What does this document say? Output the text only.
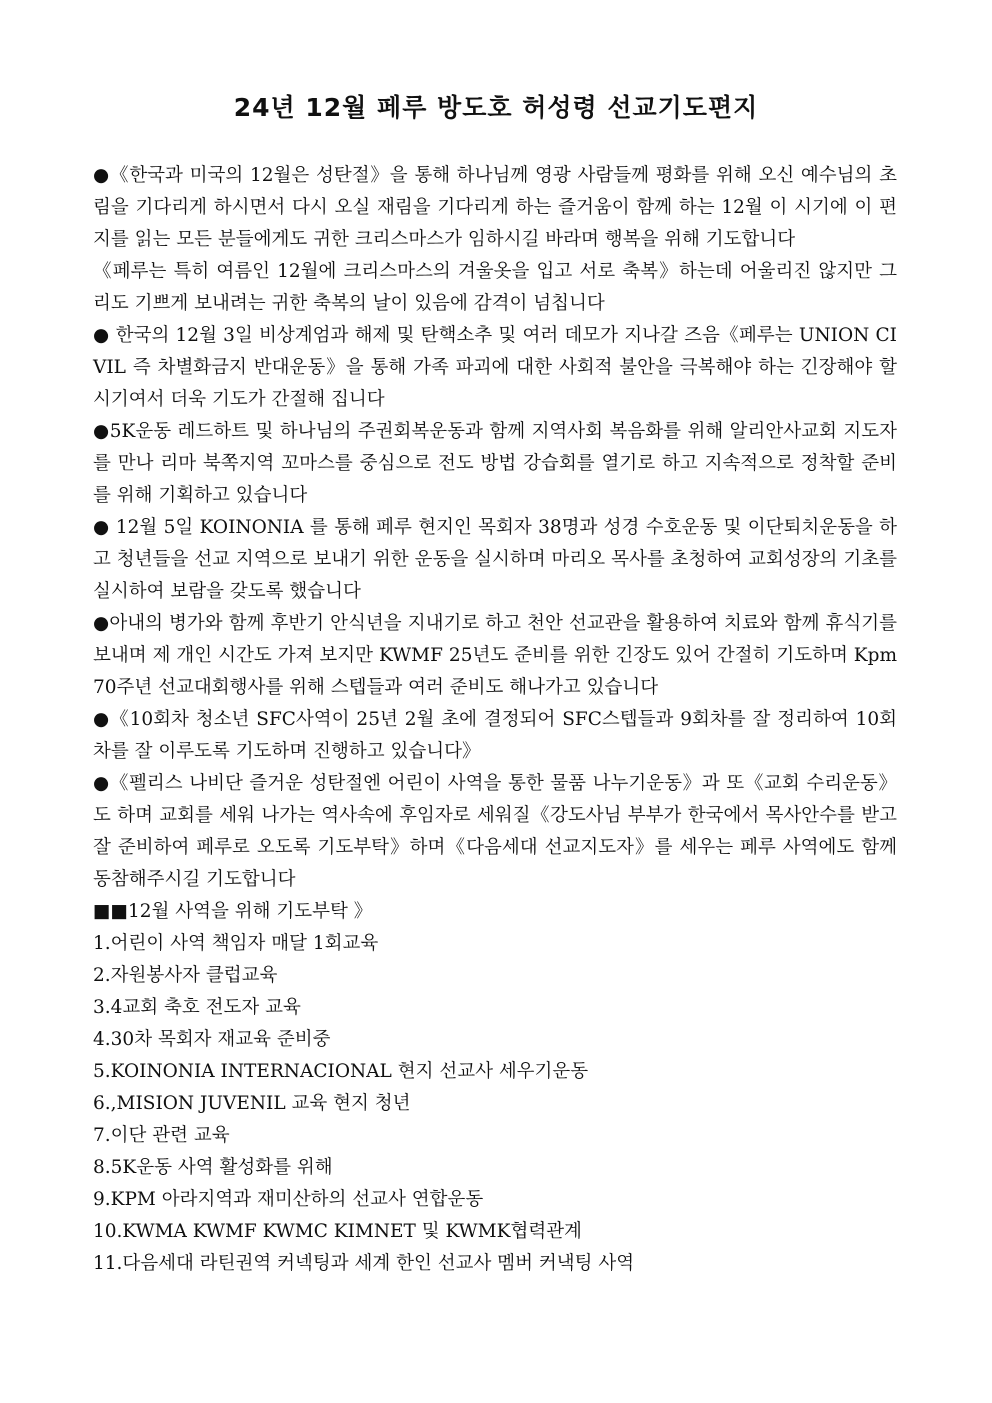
24년 12월 페루 방도호 허성령 선교기도편지

●《한국과 미국의 12월은 성탄절》을 통해 하나님께 영광 사람들께 평화를 위해 오신 예수님의 초림을 기다리게 하시면서 다시 오실 재림을 기다리게 하는 즐거움이 함께 하는 12월 이 시기에 이 편지를 읽는 모든 분들에게도 귀한 크리스마스가 임하시길 바라며 행복을 위해 기도합니다

《페루는 특히 여름인 12월에 크리스마스의 겨울옷을 입고 서로 축복》하는데 어울리진 않지만 그리도 기쁘게 보내려는 귀한 축복의 날이 있음에 감격이 넘칩니다

● 한국의 12월 3일 비상계엄과 해제 및 탄핵소추 및 여러 데모가 지나갈 즈음《페루는 UNION CIVIL 즉 차별화금지 반대운동》을 통해 가족 파괴에 대한 사회적 불안을 극복해야 하는 긴장해야 할 시기여서 더욱 기도가 간절해 집니다

●5K운동 레드하트 및 하나님의 주권회복운동과 함께 지역사회 복음화를 위해 알리안사교회 지도자를 만나 리마 북쪽지역 꼬마스를 중심으로 전도 방법 강습회를 열기로 하고 지속적으로 정착할 준비를 위해 기획하고 있습니다

● 12월 5일 KOINONIA 를 통해 페루 현지인 목회자 38명과 성경 수호운동 및 이단퇴치운동을 하고 청년들을 선교 지역으로 보내기 위한 운동을 실시하며 마리오 목사를 초청하여 교회성장의 기초를 실시하여 보람을 갖도록 했습니다

●아내의 병가와 함께 후반기 안식년을 지내기로 하고 천안 선교관을 활용하여 치료와 함께 휴식기를 보내며 제 개인 시간도 가져 보지만 KWMF 25년도 준비를 위한 긴장도 있어 간절히 기도하며 Kpm 70주년 선교대회행사를 위해 스텝들과 여러 준비도 해나가고 있습니다

●《10회차 청소년 SFC사역이 25년 2월 초에 결정되어 SFC스텝들과 9회차를 잘 정리하여 10회차를 잘 이루도록 기도하며 진행하고 있습니다》

●《펠리스 나비단 즐거운 성탄절엔 어린이 사역을 통한 물품 나누기운동》과 또《교회 수리운동》도 하며 교회를 세워 나가는 역사속에 후임자로 세워질《강도사님 부부가 한국에서 목사안수를 받고 잘 준비하여 페루로 오도록 기도부탁》하며《다음세대 선교지도자》를 세우는 페루 사역에도 함께 동참해주시길 기도합니다

■■12월 사역을 위해 기도부탁 》

1.어린이 사역 책임자 매달 1회교육
2.자원봉사자 클럽교육
3.4교회 축호 전도자 교육
4.30차 목회자 재교육 준비중
5.KOINONIA INTERNACIONAL 현지 선교사 세우기운동
6.,MISION JUVENIL 교육 현지 청년
7.이단 관련 교육
8.5K운동 사역 활성화를 위해
9.KPM 아라지역과 재미산하의 선교사 연합운동
10.KWMA KWMF KWMC KIMNET 및 KWMK협력관계
11.다음세대 라틴권역 커넥팅과 세계 한인 선교사 멤버 커낵팅 사역
